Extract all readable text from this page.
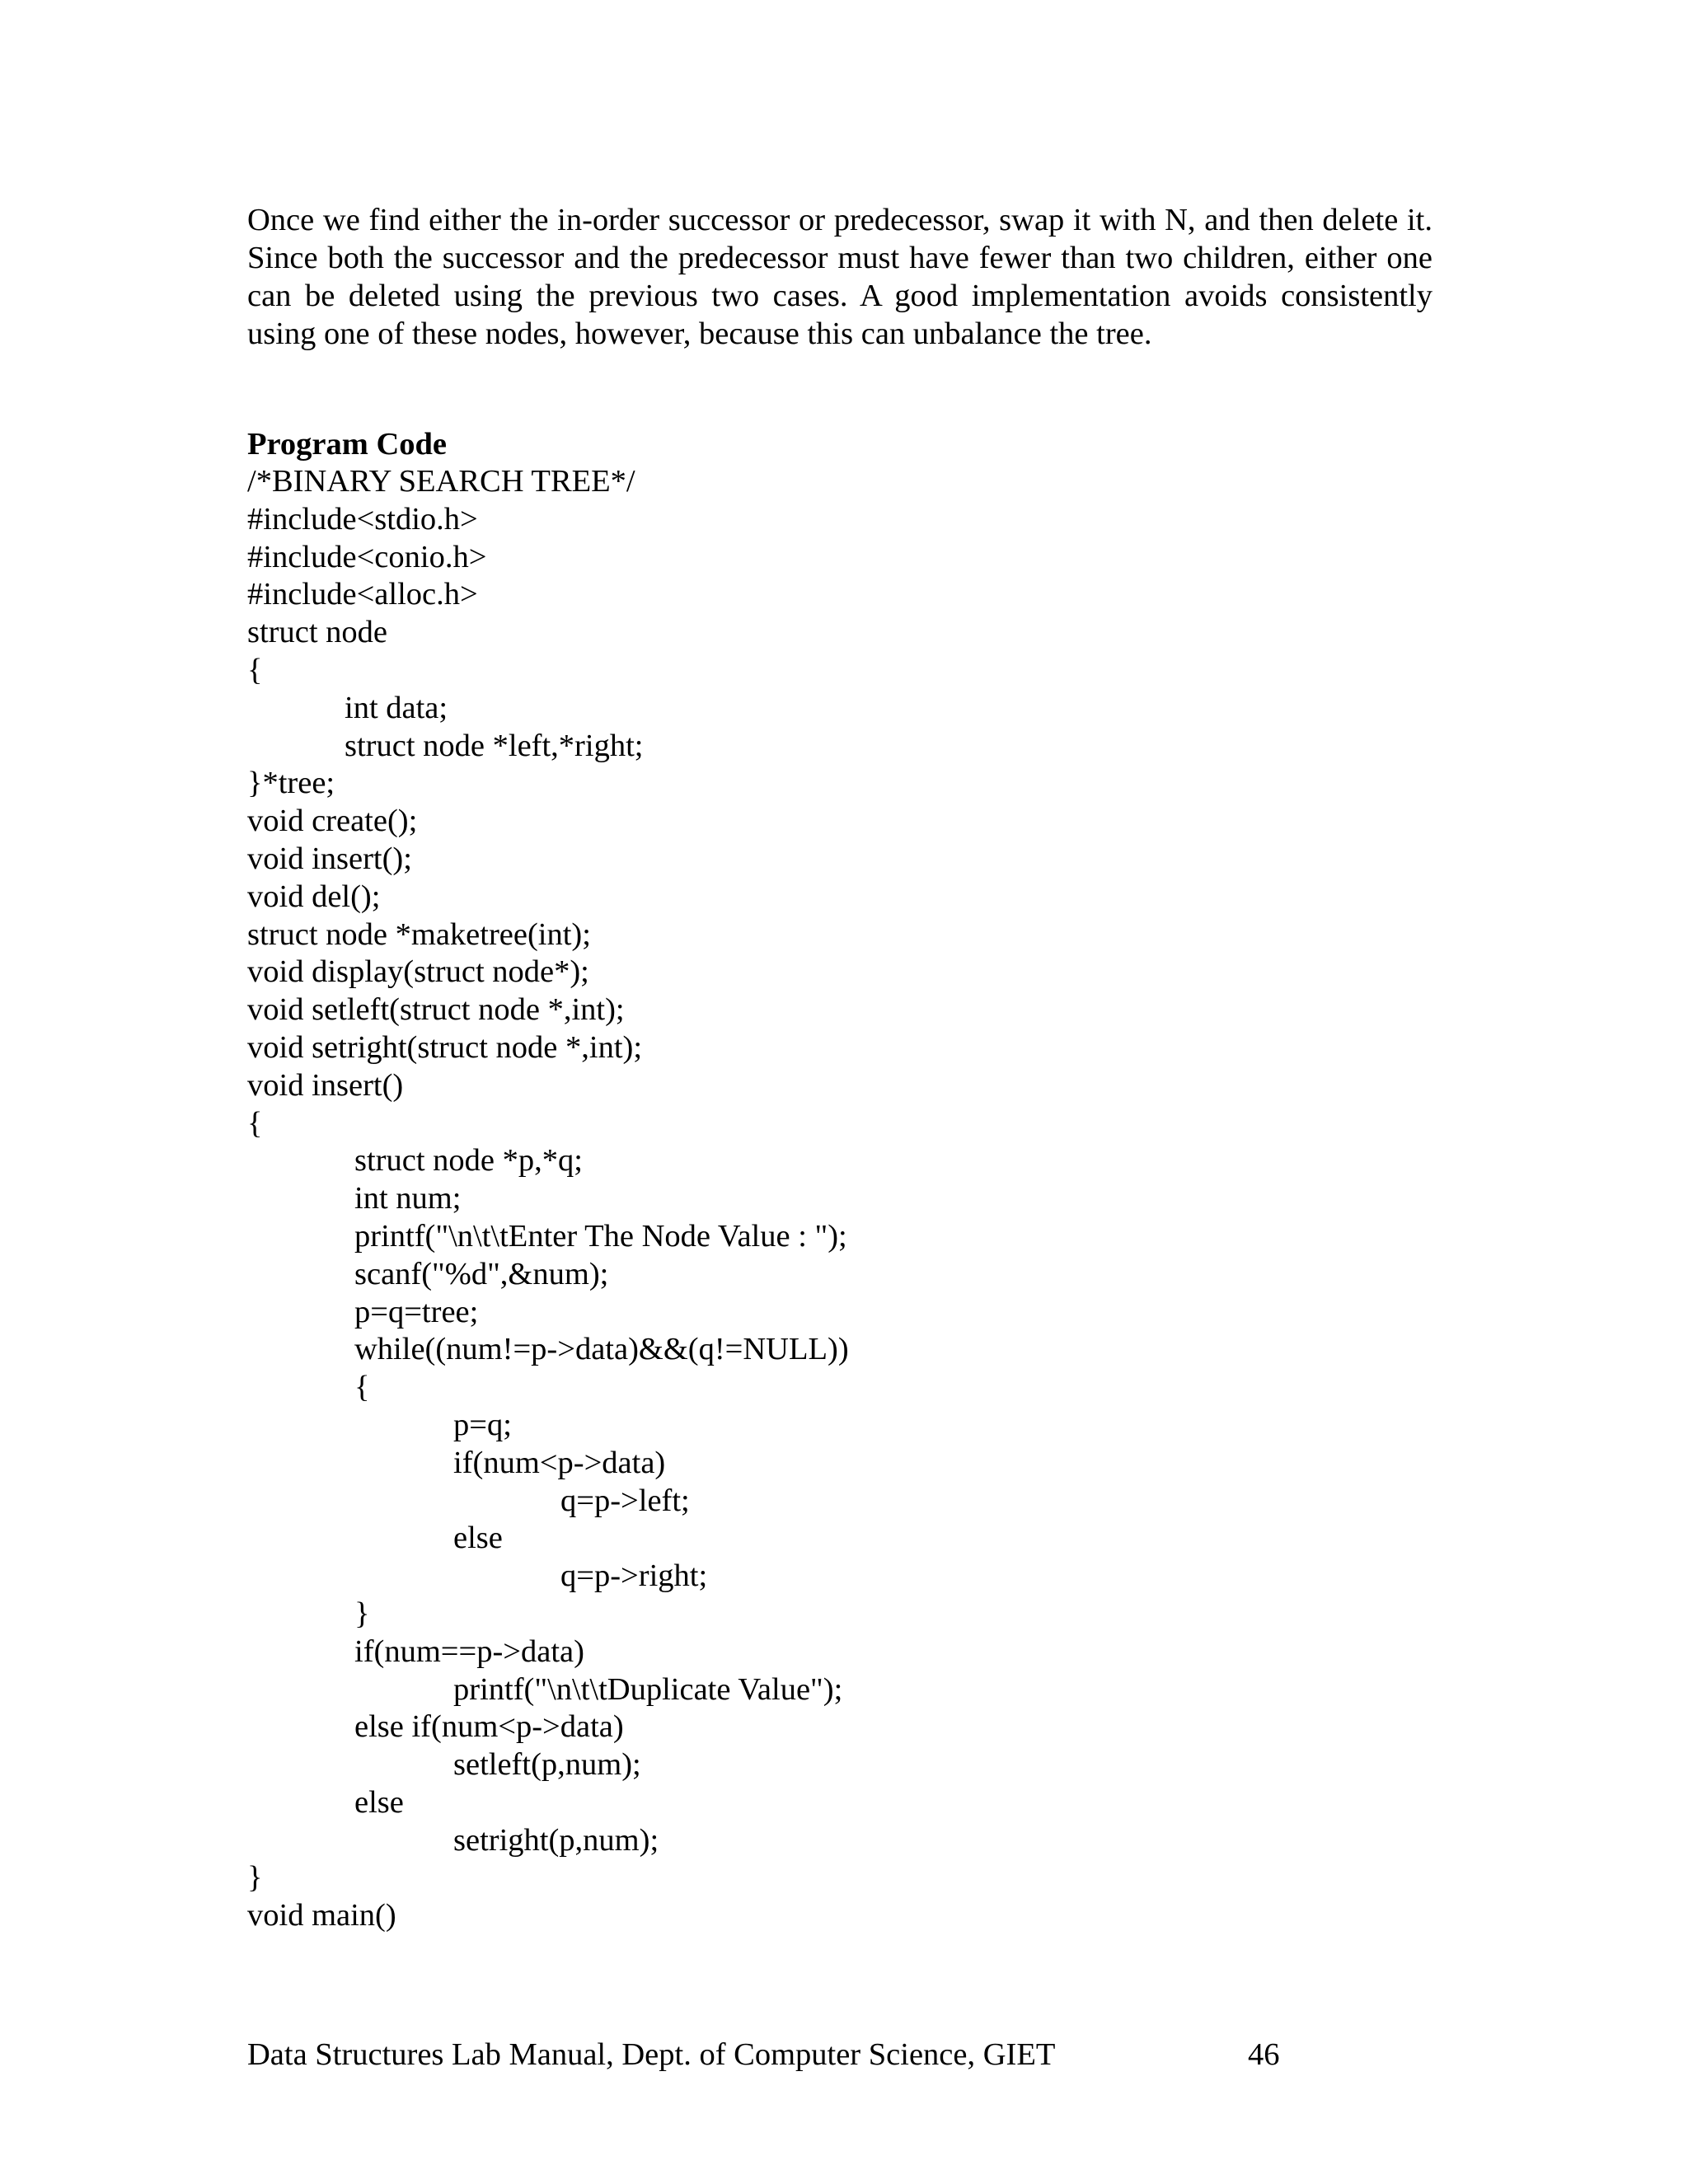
Once we find either the in-order successor or predecessor, swap it with N, and then delete it. Since both the successor and the predecessor must have fewer than two children, either one can be deleted using the previous two cases. A good implementation avoids consistently using one of these nodes, however, because this can unbalance the tree.

Program Code
/*BINARY SEARCH TREE*/
#include<stdio.h>
#include<conio.h>
#include<alloc.h>
struct node
{
int data;
struct node *left,*right;
}*tree;
void create();
void insert();
void del();
struct node *maketree(int);
void display(struct node*);
void setleft(struct node *,int);
void setright(struct node *,int);
void insert()
{
struct node *p,*q;
int num;
printf("\n\t\tEnter The Node Value : ");
scanf("%d",&num);
p=q=tree;
while((num!=p->data)&&(q!=NULL))
{
p=q;
if(num<p->data)
q=p->left;
else
q=p->right;
}
if(num==p->data)
printf("\n\t\tDuplicate Value");
else if(num<p->data)
setleft(p,num);
else
setright(p,num);
}
void main()
Data Structures Lab Manual, Dept. of Computer Science, GIET	46
